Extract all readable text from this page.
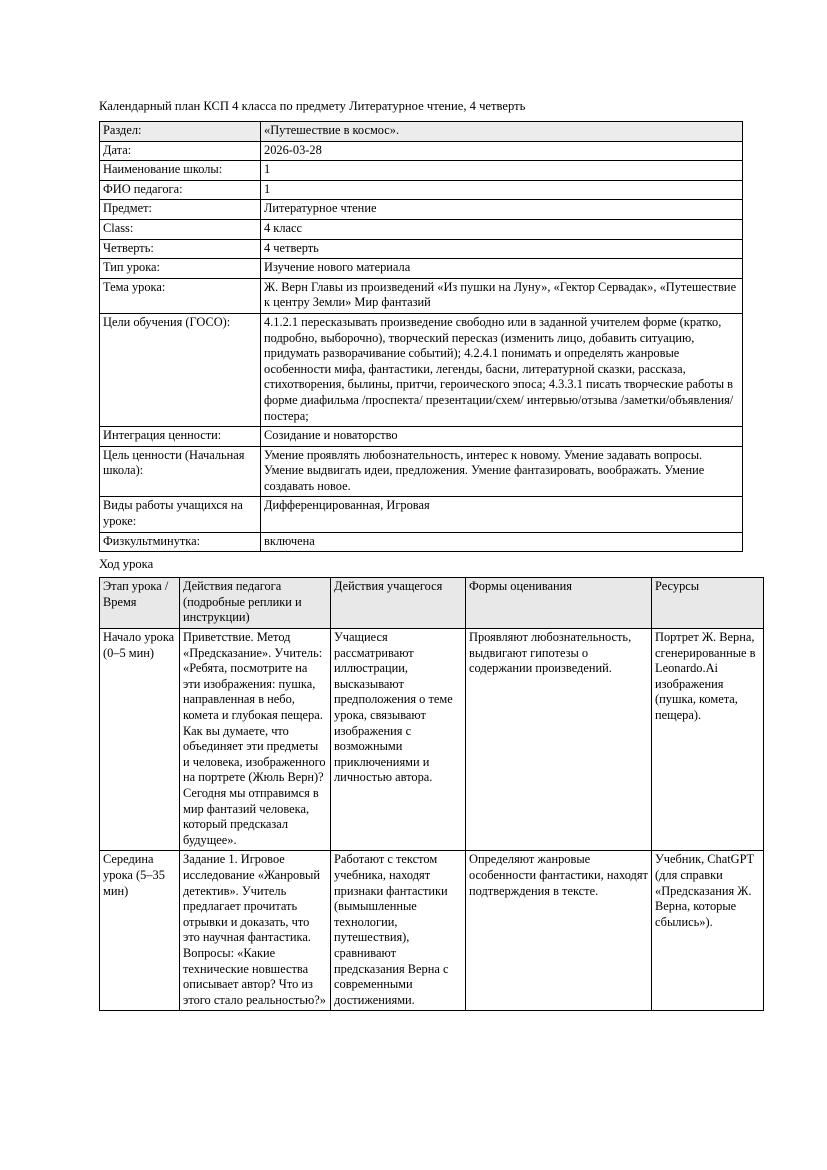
Календарный план КСП 4 класса по предмету Литературное чтение, 4 четверть
Раздел:	«Путешествие в космос».
Дата:	2026-03-28
Наименование школы:	1
ФИО педагога:	1
Предмет:	Литературное чтение
Class:	4 класс
Четверть:	4 четверть
Тип урока:	Изучение нового материала
Тема урока:	Ж. Верн Главы из произведений «Из пушки на Луну», «Гектор Сервадак», «Путешествие к центру Земли» Мир фантазий
Цели обучения (ГОСО):	4.1.2.1 пересказывать произведение свободно или в заданной учителем форме (кратко, подробно, выборочно), творческий пересказ (изменить лицо, добавить ситуацию, придумать разворачивание событий); 4.2.4.1 понимать и определять жанровые особенности мифа, фантастики, легенды, басни, литературной сказки, рассказа, стихотворения, былины, притчи, героического эпоса; 4.3.3.1 писать творческие работы в форме диафильма /проспекта/ презентации/схем/ интервью/отзыва /заметки/объявления/ постера;
Интеграция ценности:	Созидание и новаторство
Цель ценности (Начальная школа):	Умение проявлять любознательность, интерес к новому. Умение задавать вопросы. Умение выдвигать идеи, предложения. Умение фантазировать, воображать. Умение создавать новое.
Виды работы учащихся на уроке:	Дифференцированная, Игровая
Физкультминутка:	включена
Ход урока
Этап урока / Время	Действия педагога (подробные реплики и инструкции)	Действия учащегося	Формы оценивания	Ресурсы
Начало урока (0–5 мин)	Приветствие. Метод «Предсказание». Учитель: «Ребята, посмотрите на эти изображения: пушка, направленная в небо, комета и глубокая пещера. Как вы думаете, что объединяет эти предметы и человека, изображенного на портрете (Жюль Верн)? Сегодня мы отправимся в мир фантазий человека, который предсказал будущее».	Учащиеся рассматривают иллюстрации, высказывают предположения о теме урока, связывают изображения с возможными приключениями и личностью автора.	Проявляют любознательность, выдвигают гипотезы о содержании произведений.	Портрет Ж. Верна, сгенерированные в Leonardo.Ai изображения (пушка, комета, пещера).
Середина урока (5–35 мин)	Задание 1. Игровое исследование «Жанровый детектив». Учитель предлагает прочитать отрывки и доказать, что это научная фантастика. Вопросы: «Какие технические новшества описывает автор? Что из этого стало реальностью?»	Работают с текстом учебника, находят признаки фантастики (вымышленные технологии, путешествия), сравнивают предсказания Верна с современными достижениями.	Определяют жанровые особенности фантастики, находят подтверждения в тексте.	Учебник, ChatGPT (для справки «Предсказания Ж. Верна, которые сбылись»).
